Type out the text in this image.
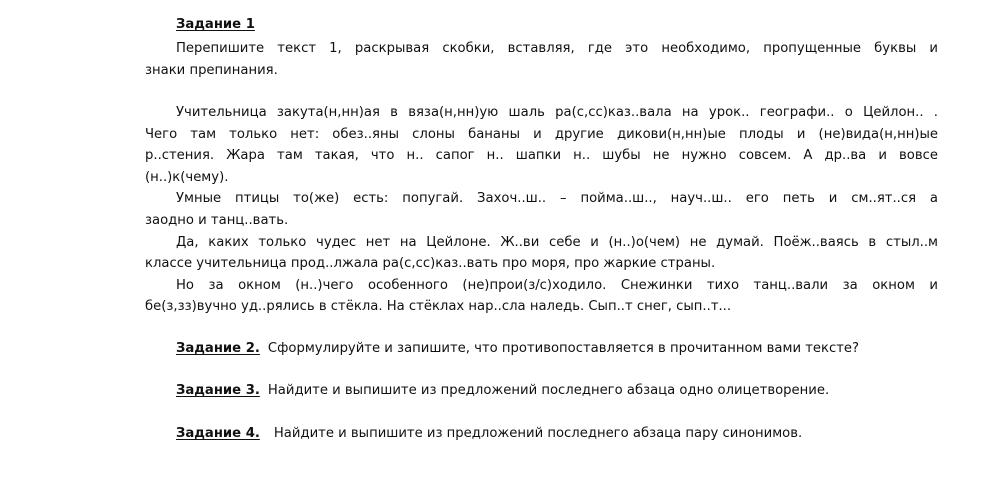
Задание 1
Перепишите текст 1, раскрывая скобки, вставляя, где это необходимо, пропущенные буквы и
знаки препинания.
Учительница закута(н,нн)ая в вяза(н,нн)ую шаль ра(с,сс)каз..вала на урок.. географи.. о Цейлон.. .
Чего там только нет: обез..яны слоны бананы и другие дикови(н,нн)ые плоды и (не)вида(н,нн)ые
р..стения. Жара там такая, что н.. сапог н.. шапки н.. шубы не нужно совсем. А др..ва и вовсе
(н..)к(чему).
Умные птицы то(же) есть: попугай. Захоч..ш.. – пойма..ш.., науч..ш.. его петь и см..ят..ся а
заодно и танц..вать.
Да, каких только чудес нет на Цейлоне. Ж..ви себе и (н..)о(чем) не думай. Поёж..ваясь в стыл..м
классе учительница прод..лжала ра(с,сс)каз..вать про моря, про жаркие страны.
Но за окном (н..)чего особенного (не)прои(з/с)ходило. Снежинки тихо танц..вали за окном и
бе(з,зз)вучно уд..рялись в стёкла. На стёклах нар..сла наледь. Сып..т снег, сып..т...
Задание 2. Сформулируйте и запишите, что противопоставляется в прочитанном вами тексте?
Задание 3. Найдите и выпишите из предложений последнего абзаца одно олицетворение.
Задание 4. Найдите и выпишите из предложений последнего абзаца пару синонимов.
